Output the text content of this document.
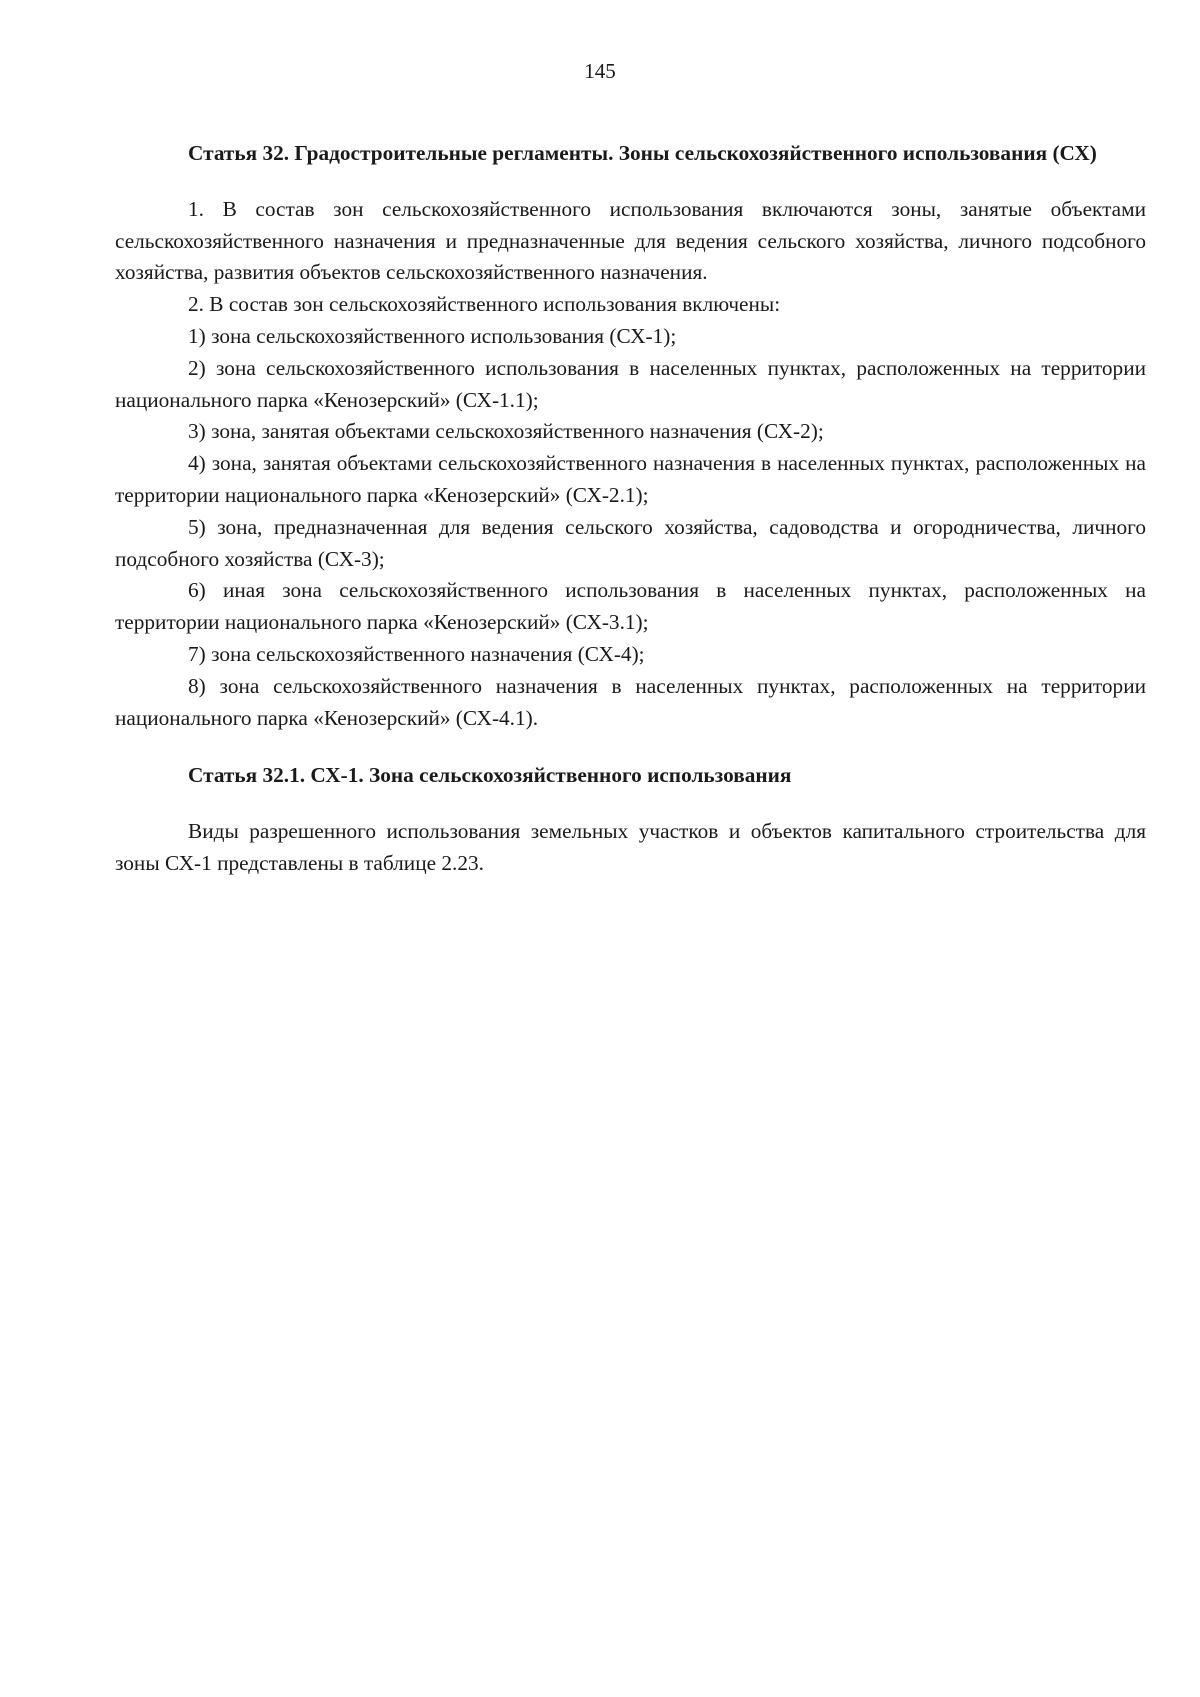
145

Статья 32. Градостроительные регламенты. Зоны сельскохозяйственного использования (СХ)

1. В состав зон сельскохозяйственного использования включаются зоны, занятые объектами сельскохозяйственного назначения и предназначенные для ведения сельского хозяйства, личного подсобного хозяйства, развития объектов сельскохозяйственного назначения.

2. В состав зон сельскохозяйственного использования включены:

1) зона сельскохозяйственного использования (СХ-1);

2) зона сельскохозяйственного использования в населенных пунктах, расположенных на территории национального парка «Кенозерский» (СХ-1.1);

3) зона, занятая объектами сельскохозяйственного назначения (СХ-2);

4) зона, занятая объектами сельскохозяйственного назначения в населенных пунктах, расположенных на территории национального парка «Кенозерский» (СХ-2.1);

5) зона, предназначенная для ведения сельского хозяйства, садоводства и огородничества, личного подсобного хозяйства (СХ-3);

6) иная зона сельскохозяйственного использования в населенных пунктах, расположенных на территории национального парка «Кенозерский» (СХ-3.1);

7) зона сельскохозяйственного назначения (СХ-4);

8) зона сельскохозяйственного назначения в населенных пунктах, расположенных на территории национального парка «Кенозерский» (СХ-4.1).

Статья 32.1. СХ-1. Зона сельскохозяйственного использования

Виды разрешенного использования земельных участков и объектов капитального строительства для зоны СХ-1 представлены в таблице 2.23.
